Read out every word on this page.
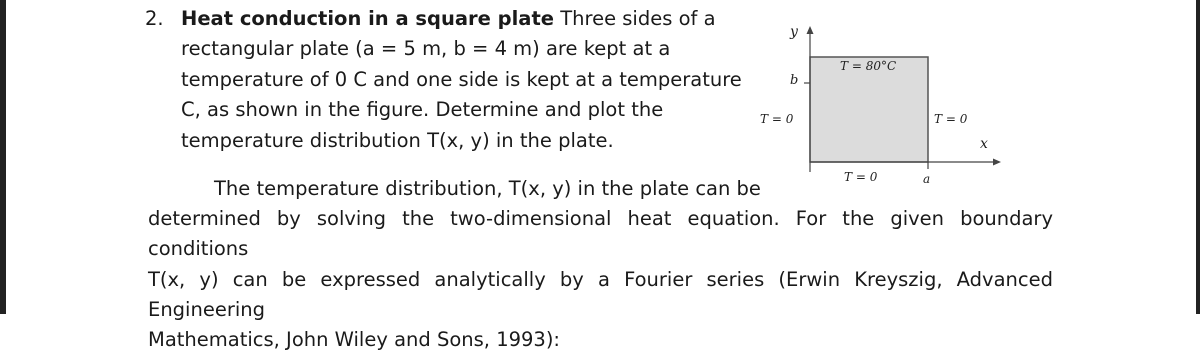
2. Heat conduction in a square plate Three sides of a
rectangular plate (a = 5 m, b = 4 m) are kept at a
temperature of 0 C and one side is kept at a temperature
C, as shown in the figure. Determine and plot the
temperature distribution T(x, y) in the plate.
y
x
b
a
T = 80°C
T = 0	T = 0
T = 0
The temperature distribution, T(x, y) in the plate can be
determined by solving the two-dimensional heat equation. For the given boundary conditions
T(x, y) can be expressed analytically by a Fourier series (Erwin Kreyszig, Advanced Engineering
Mathematics, John Wiley and Sons, 1993):
